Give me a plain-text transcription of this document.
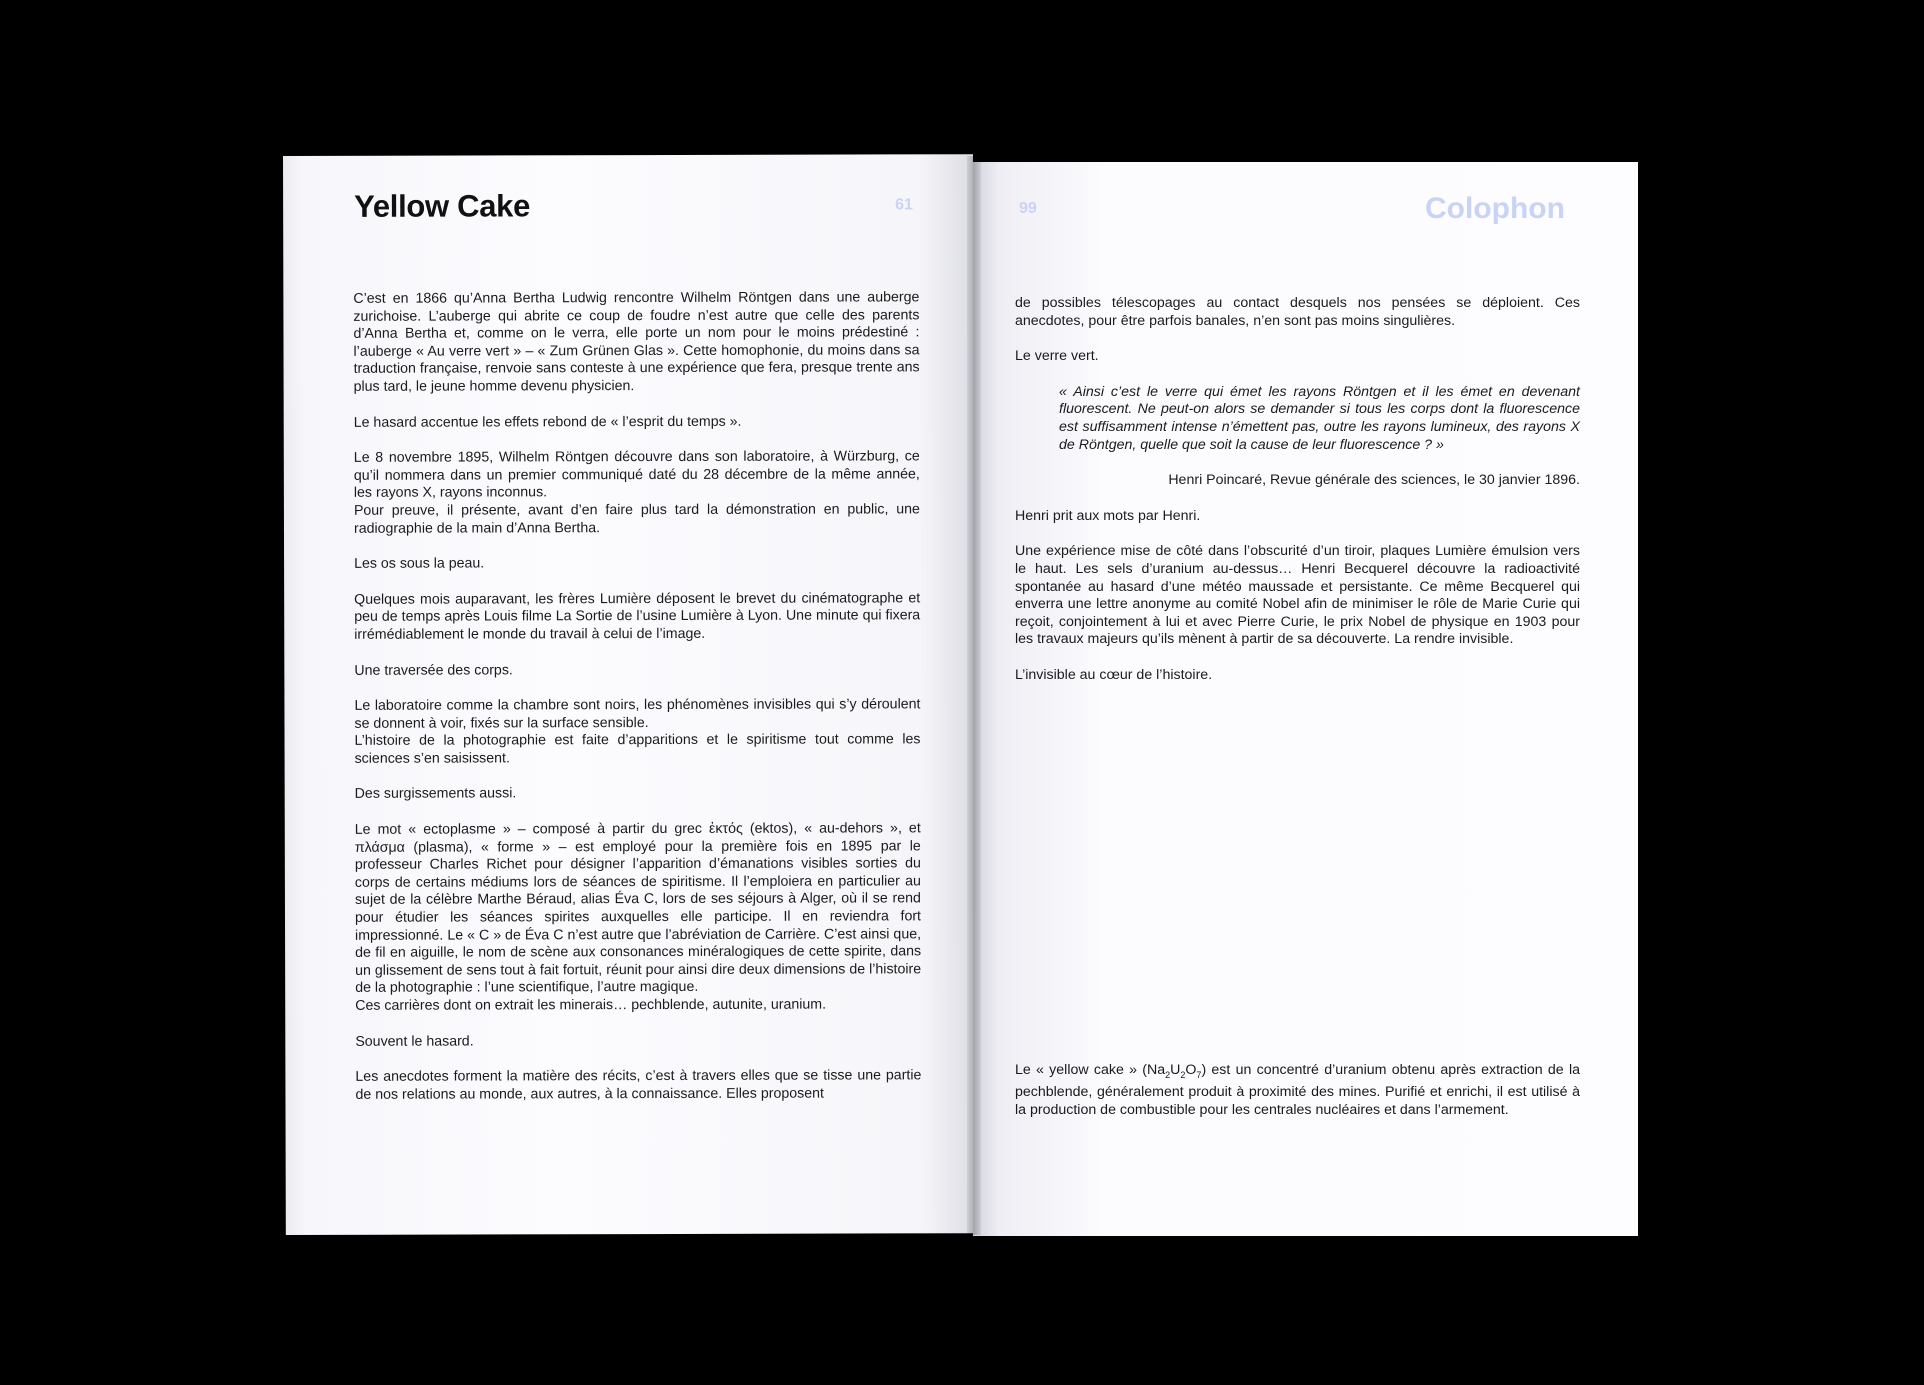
61
Yellow Cake

C’est en 1866 qu’Anna Bertha Ludwig rencontre Wilhelm Röntgen dans une auberge zurichoise. L’auberge qui abrite ce coup de foudre n’est autre que celle des parents d’Anna Bertha et, comme on le verra, elle porte un nom pour le moins prédestiné : l’auberge « Au verre vert » – « Zum Grünen Glas ». Cette homophonie, du moins dans sa traduction française, renvoie sans conteste à une expérience que fera, presque trente ans plus tard, le jeune homme devenu physicien.

Le hasard accentue les effets rebond de « l’esprit du temps ».

Le 8 novembre 1895, Wilhelm Röntgen découvre dans son laboratoire, à Würzburg, ce qu’il nommera dans un premier communiqué daté du 28 décembre de la même année, les rayons X, rayons inconnus.

Pour preuve, il présente, avant d’en faire plus tard la démonstration en public, une radiographie de la main d’Anna Bertha.

Les os sous la peau.

Quelques mois auparavant, les frères Lumière déposent le brevet du cinématographe et peu de temps après Louis filme La Sortie de l’usine Lumière à Lyon. Une minute qui fixera irrémédiablement le monde du travail à celui de l’image.

Une traversée des corps.

Le laboratoire comme la chambre sont noirs, les phénomènes invisibles qui s’y déroulent se donnent à voir, fixés sur la surface sensible.

L’histoire de la photographie est faite d’apparitions et le spiritisme tout comme les sciences s’en saisissent.

Des surgissements aussi.

Le mot « ectoplasme » – composé à partir du grec ἐκτός (ektos), « au-dehors », et πλάσμα (plasma), « forme » – est employé pour la première fois en 1895 par le professeur Charles Richet pour désigner l’apparition d’émanations visibles sorties du corps de certains médiums lors de séances de spiritisme. Il l’emploiera en particulier au sujet de la célèbre Marthe Béraud, alias Éva C, lors de ses séjours à Alger, où il se rend pour étudier les séances spirites auxquelles elle participe. Il en reviendra fort impressionné. Le « C » de Éva C n’est autre que l’abréviation de Carrière. C’est ainsi que, de fil en aiguille, le nom de scène aux consonances minéralogiques de cette spirite, dans un glissement de sens tout à fait fortuit, réunit pour ainsi dire deux dimensions de l’histoire de la photographie : l’une scientifique, l’autre magique.

Ces carrières dont on extrait les minerais… pechblende, autunite, uranium.

Souvent le hasard.

Les anecdotes forment la matière des récits, c’est à travers elles que se tisse une partie de nos relations au monde, aux autres, à la connaissance. Elles proposent

Colophon
99

de possibles télescopages au contact desquels nos pensées se déploient. Ces anecdotes, pour être parfois banales, n’en sont pas moins singulières.

Le verre vert.

« Ainsi c’est le verre qui émet les rayons Röntgen et il les émet en devenant fluorescent. Ne peut-on alors se demander si tous les corps dont la fluorescence est suffisamment intense n’émettent pas, outre les rayons lumineux, des rayons X de Röntgen, quelle que soit la cause de leur fluorescence ? »

Henri Poincaré, Revue générale des sciences, le 30 janvier 1896.

Henri prit aux mots par Henri.

Une expérience mise de côté dans l’obscurité d’un tiroir, plaques Lumière émulsion vers le haut. Les sels d’uranium au-dessus… Henri Becquerel découvre la radioactivité spontanée au hasard d’une météo maussade et persistante. Ce même Becquerel qui enverra une lettre anonyme au comité Nobel afin de minimiser le rôle de Marie Curie qui reçoit, conjointement à lui et avec Pierre Curie, le prix Nobel de physique en 1903 pour les travaux majeurs qu’ils mènent à partir de sa découverte. La rendre invisible.

L’invisible au cœur de l’histoire.

Le « yellow cake » $(Na_2U_2O_7)$ est un concentré d’uranium obtenu après extraction de la pechblende, généralement produit à proximité des mines. Purifié et enrichi, il est utilisé à la production de combustible pour les centrales nucléaires et dans l’armement.
